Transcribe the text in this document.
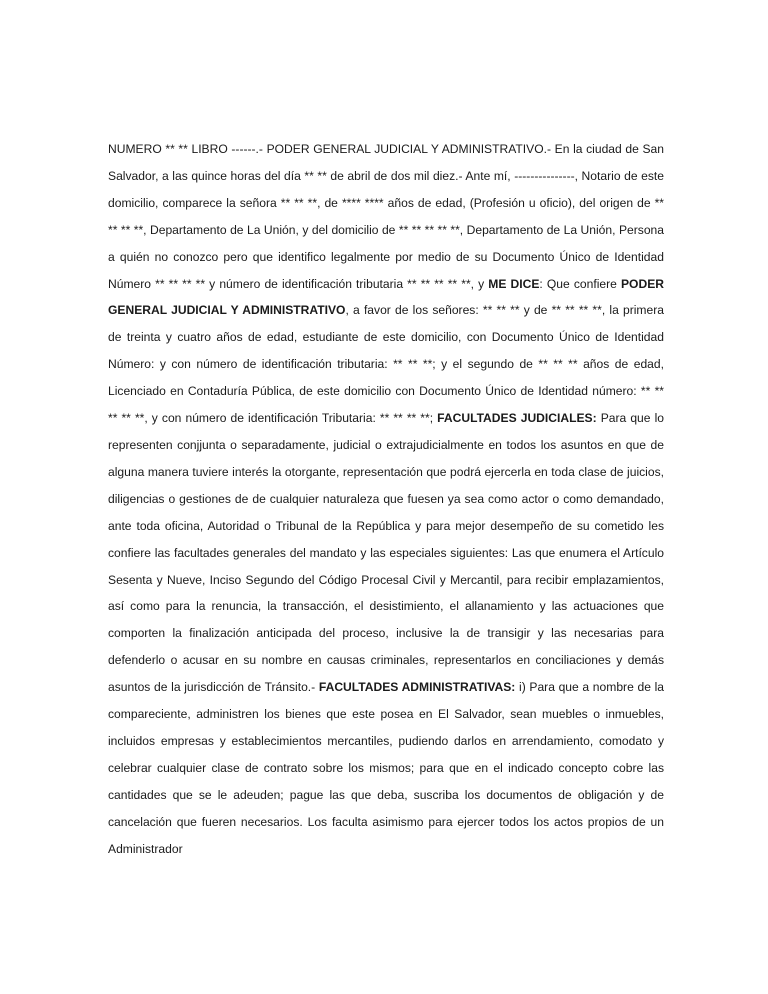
NUMERO ** ** LIBRO ------.- PODER GENERAL JUDICIAL Y ADMINISTRATIVO.- En la ciudad de San Salvador, a las quince horas del día ** ** de abril de dos mil diez.- Ante mí, ---------------, Notario de este domicilio, comparece la señora ** ** **, de **** **** años de edad, (Profesión u oficio), del origen de ** ** ** **, Departamento de La Unión, y del domicilio de ** ** ** ** **, Departamento de La Unión, Persona a quién no conozco pero que identifico legalmente por medio de su Documento Único de Identidad Número ** ** ** ** y número de identificación tributaria ** ** ** ** **, y ME DICE: Que confiere PODER GENERAL JUDICIAL Y ADMINISTRATIVO, a favor de los señores: ** ** ** y de ** ** ** **, la primera de treinta y cuatro años de edad, estudiante de este domicilio, con Documento Único de Identidad Número: y con número de identificación tributaria: ** ** **; y el segundo de ** ** ** años de edad, Licenciado en Contaduría Pública, de este domicilio con Documento Único de Identidad número: ** ** ** ** **, y con número de identificación Tributaria: ** ** ** **; FACULTADES JUDICIALES: Para que lo representen conjjunta o separadamente, judicial o extrajudicialmente en todos los asuntos en que de alguna manera tuviere interés la otorgante, representación que podrá ejercerla en toda clase de juicios, diligencias o gestiones de de cualquier naturaleza que fuesen ya sea como actor o como demandado, ante toda oficina, Autoridad o Tribunal de la República y para mejor desempeño de su cometido les confiere las facultades generales del mandato y las especiales siguientes: Las que enumera el Artículo Sesenta y Nueve, Inciso Segundo del Código Procesal Civil y Mercantil, para recibir emplazamientos, así como para la renuncia, la transacción, el desistimiento, el allanamiento y las actuaciones que comporten la finalización anticipada del proceso, inclusive la de transigir y las necesarias para defenderlo o acusar en su nombre en causas criminales, representarlos en conciliaciones y demás asuntos de la jurisdicción de Tránsito.- FACULTADES ADMINISTRATIVAS: i) Para que a nombre de la compareciente, administren los bienes que este posea en El Salvador, sean muebles o inmuebles, incluidos empresas y establecimientos mercantiles, pudiendo darlos en arrendamiento, comodato y celebrar cualquier clase de contrato sobre los mismos; para que en el indicado concepto cobre las cantidades que se le adeuden; pague las que deba, suscriba los documentos de obligación y de cancelación que fueren necesarios. Los faculta asimismo para ejercer todos los actos propios de un Administrador
